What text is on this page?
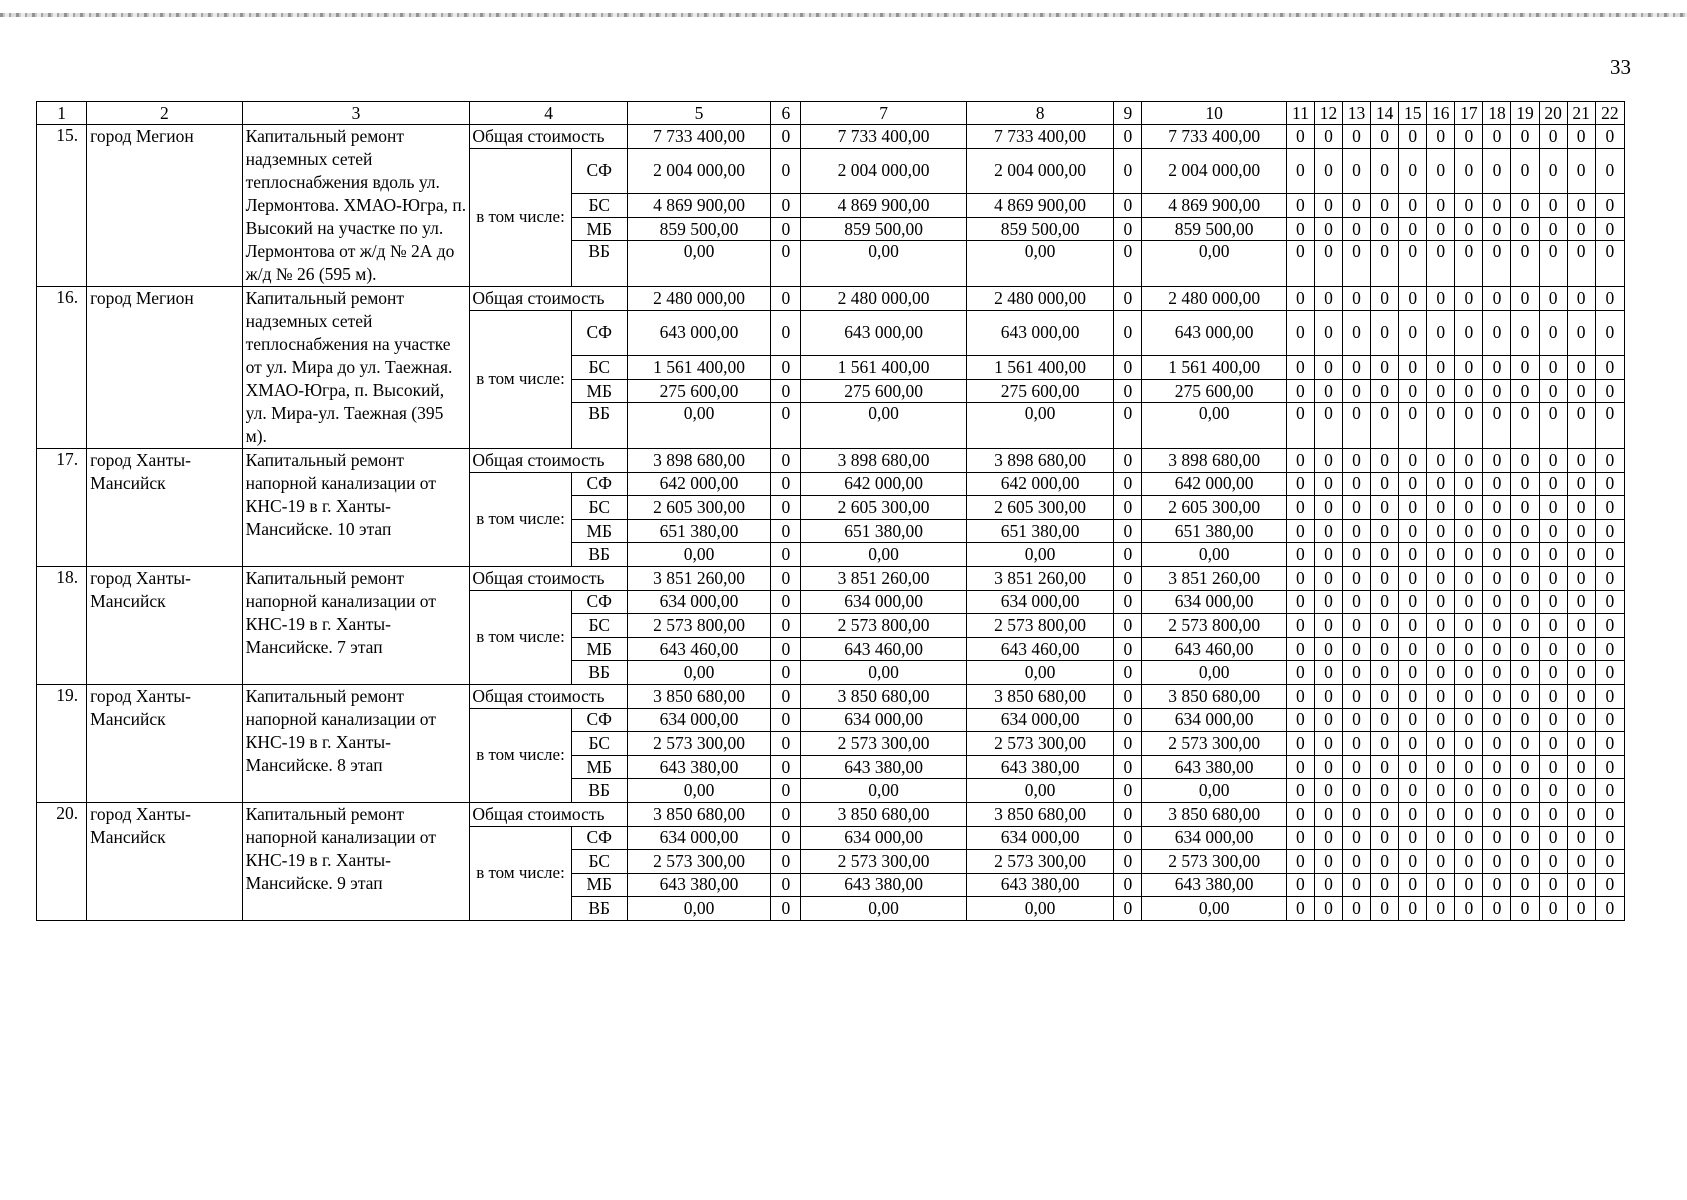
33
1	2	3	4		5	6	7	8	9	10	11	12	13	14	15	16	17	18	19	20	21	22
15.	город Мегион	Капитальный ремонт надземных сетей теплоснабжения вдоль ул. Лермонтова. ХМАО-Югра, п. Высокий на участке по ул. Лермонтова от ж/д № 2А до ж/д № 26 (595 м).	Общая стоимость		7 733 400,00	0	7 733 400,00	7 733 400,00	0	7 733 400,00	0	0	0	0	0	0	0	0	0	0	0	0
			в том числе:	СФ	2 004 000,00	0	2 004 000,00	2 004 000,00	0	2 004 000,00	0	0	0	0	0	0	0	0	0	0	0	0
				БС	4 869 900,00	0	4 869 900,00	4 869 900,00	0	4 869 900,00	0	0	0	0	0	0	0	0	0	0	0	0
				МБ	859 500,00	0	859 500,00	859 500,00	0	859 500,00	0	0	0	0	0	0	0	0	0	0	0	0
				ВБ	0,00	0	0,00	0,00	0	0,00	0	0	0	0	0	0	0	0	0	0	0	0

16.	город Мегион	Капитальный ремонт надземных сетей теплоснабжения на участке от ул. Мира до ул. Таежная. ХМАО-Югра, п. Высокий, ул. Мира-ул. Таежная (395 м).	Общая стоимость		2 480 000,00	0	2 480 000,00	2 480 000,00	0	2 480 000,00	0	0	0	0	0	0	0	0	0	0	0	0
			в том числе:	СФ	643 000,00	0	643 000,00	643 000,00	0	643 000,00	0	0	0	0	0	0	0	0	0	0	0	0
				БС	1 561 400,00	0	1 561 400,00	1 561 400,00	0	1 561 400,00	0	0	0	0	0	0	0	0	0	0	0	0
				МБ	275 600,00	0	275 600,00	275 600,00	0	275 600,00	0	0	0	0	0	0	0	0	0	0	0	0
				ВБ	0,00	0	0,00	0,00	0	0,00	0	0	0	0	0	0	0	0	0	0	0	0

17.	город Ханты-Мансийск	Капитальный ремонт напорной канализации от КНС-19 в г. Ханты-Мансийске. 10 этап	Общая стоимость		3 898 680,00	0	3 898 680,00	3 898 680,00	0	3 898 680,00	0	0	0	0	0	0	0	0	0	0	0	0
			в том числе:	СФ	642 000,00	0	642 000,00	642 000,00	0	642 000,00	0	0	0	0	0	0	0	0	0	0	0	0
				БС	2 605 300,00	0	2 605 300,00	2 605 300,00	0	2 605 300,00	0	0	0	0	0	0	0	0	0	0	0	0
				МБ	651 380,00	0	651 380,00	651 380,00	0	651 380,00	0	0	0	0	0	0	0	0	0	0	0	0
				ВБ	0,00	0	0,00	0,00	0	0,00	0	0	0	0	0	0	0	0	0	0	0	0
18.	город Ханты-Мансийск	Капитальный ремонт напорной канализации от КНС-19 в г. Ханты-Мансийске. 7 этап	Общая стоимость		3 851 260,00	0	3 851 260,00	3 851 260,00	0	3 851 260,00	0	0	0	0	0	0	0	0	0	0	0	0
			в том числе:	СФ	634 000,00	0	634 000,00	634 000,00	0	634 000,00	0	0	0	0	0	0	0	0	0	0	0	0
				БС	2 573 800,00	0	2 573 800,00	2 573 800,00	0	2 573 800,00	0	0	0	0	0	0	0	0	0	0	0	0
				МБ	643 460,00	0	643 460,00	643 460,00	0	643 460,00	0	0	0	0	0	0	0	0	0	0	0	0
				ВБ	0,00	0	0,00	0,00	0	0,00	0	0	0	0	0	0	0	0	0	0	0	0
19.	город Ханты-Мансийск	Капитальный ремонт напорной канализации от КНС-19 в г. Ханты-Мансийске. 8 этап	Общая стоимость		3 850 680,00	0	3 850 680,00	3 850 680,00	0	3 850 680,00	0	0	0	0	0	0	0	0	0	0	0	0
			в том числе:	СФ	634 000,00	0	634 000,00	634 000,00	0	634 000,00	0	0	0	0	0	0	0	0	0	0	0	0
				БС	2 573 300,00	0	2 573 300,00	2 573 300,00	0	2 573 300,00	0	0	0	0	0	0	0	0	0	0	0	0
				МБ	643 380,00	0	643 380,00	643 380,00	0	643 380,00	0	0	0	0	0	0	0	0	0	0	0	0
				ВБ	0,00	0	0,00	0,00	0	0,00	0	0	0	0	0	0	0	0	0	0	0	0
20.	город Ханты-Мансийск	Капитальный ремонт напорной канализации от КНС-19 в г. Ханты-Мансийске. 9 этап	Общая стоимость		3 850 680,00	0	3 850 680,00	3 850 680,00	0	3 850 680,00	0	0	0	0	0	0	0	0	0	0	0	0
			в том числе:	СФ	634 000,00	0	634 000,00	634 000,00	0	634 000,00	0	0	0	0	0	0	0	0	0	0	0	0
				БС	2 573 300,00	0	2 573 300,00	2 573 300,00	0	2 573 300,00	0	0	0	0	0	0	0	0	0	0	0	0
				МБ	643 380,00	0	643 380,00	643 380,00	0	643 380,00	0	0	0	0	0	0	0	0	0	0	0	0
				ВБ	0,00	0	0,00	0,00	0	0,00	0	0	0	0	0	0	0	0	0	0	0	0
